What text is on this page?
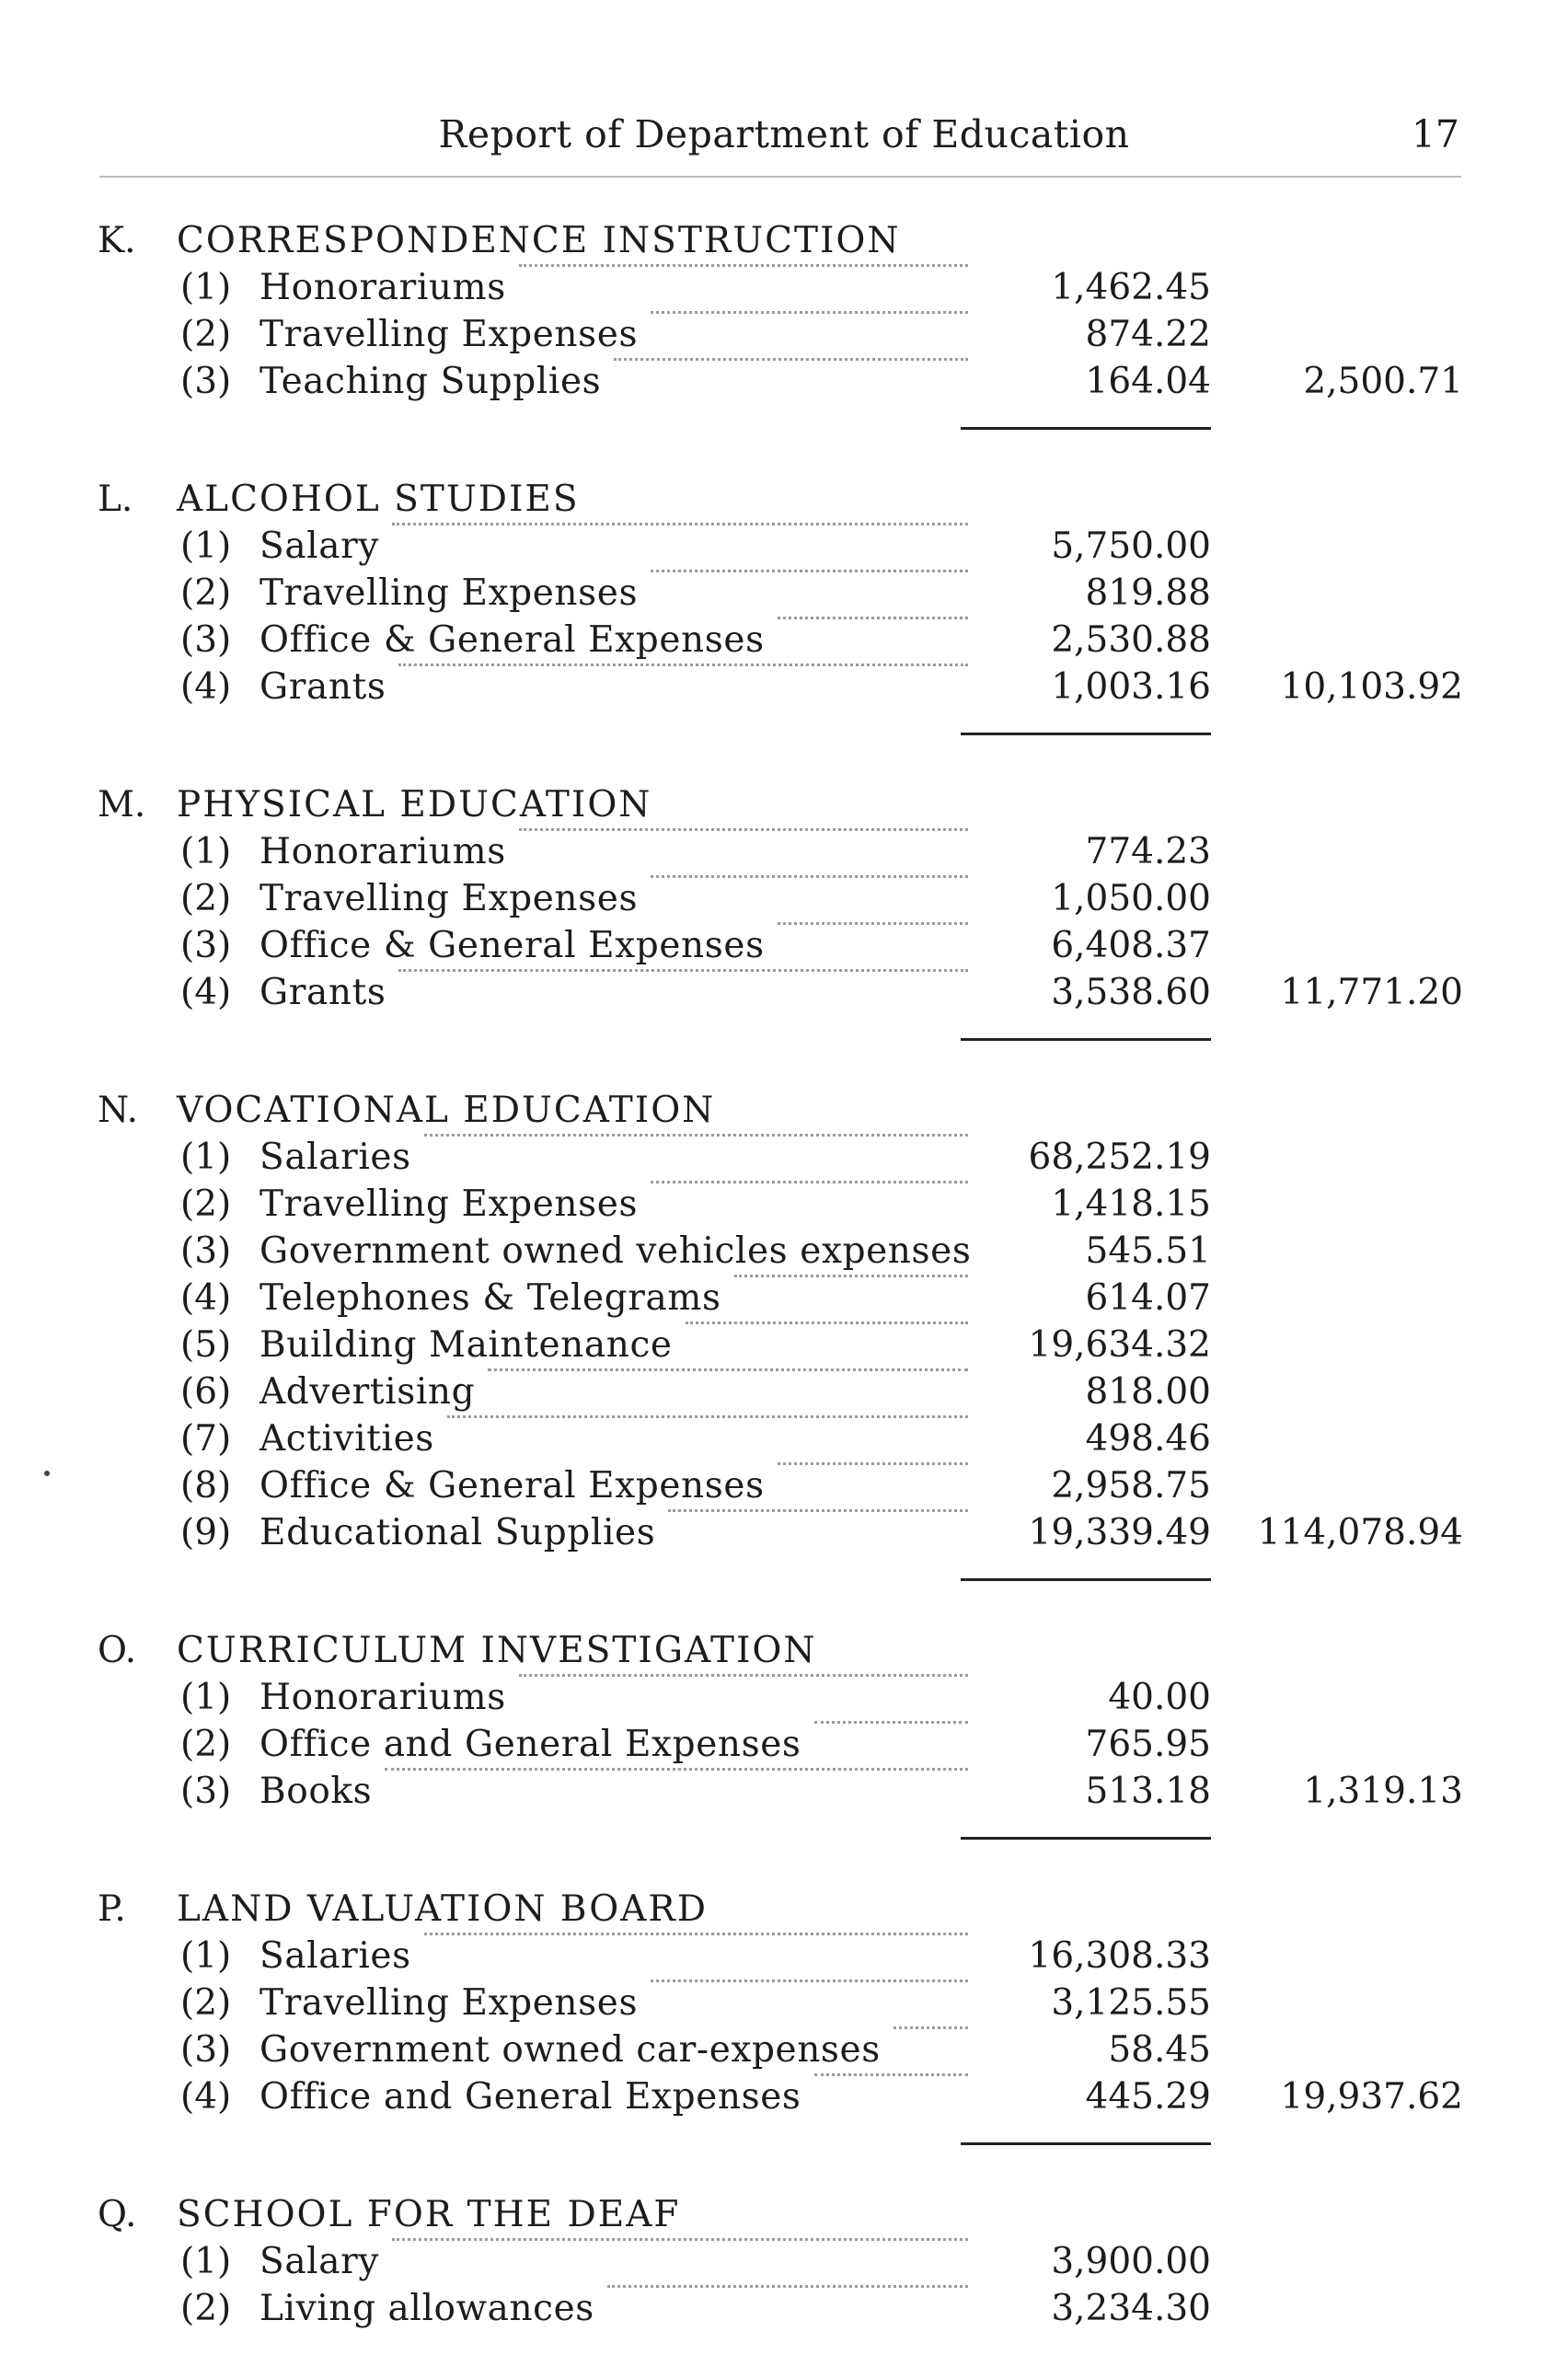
Report of Department of Education	17
K. CORRESPONDENCE INSTRUCTION
(1) Honorariums	1,462.45
(2) Travelling Expenses	874.22
(3) Teaching Supplies	164.04	2,500.71
L. ALCOHOL STUDIES
(1) Salary	5,750.00
(2) Travelling Expenses	819.88
(3) Office & General Expenses	2,530.88
(4) Grants	1,003.16 10,103.92
M. PHYSICAL EDUCATION
(1) Honorariums	774.23
(2) Travelling Expenses	1,050.00
(3) Office & General Expenses	6,408.37
(4) Grants	3,538.60 11,771.20
N. VOCATIONAL EDUCATION
(1) Salaries	68,252.19
(2) Travelling Expenses	1,418.15
(3) Government owned vehicles expenses	545.51
(4) Telephones & Telegrams	614.07
(5) Building Maintenance	19,634.32
(6) Advertising	818.00
(7) Activities	498.46
(8) Office & General Expenses	2,958.75
(9) Educational Supplies	19,339.49 114,078.94
O. CURRICULUM INVESTIGATION
(1) Honorariums	40.00
(2) Office and General Expenses	765.95
(3) Books	513.18	1,319.13
P. LAND VALUATION BOARD
(1) Salaries	16,308.33
(2) Travelling Expenses	3,125.55
(3) Government owned car-expenses	58.45
(4) Office and General Expenses	445.29 19,937.62
Q. SCHOOL FOR THE DEAF
(1) Salary	3,900.00
(2) Living allowances	3,234.30
